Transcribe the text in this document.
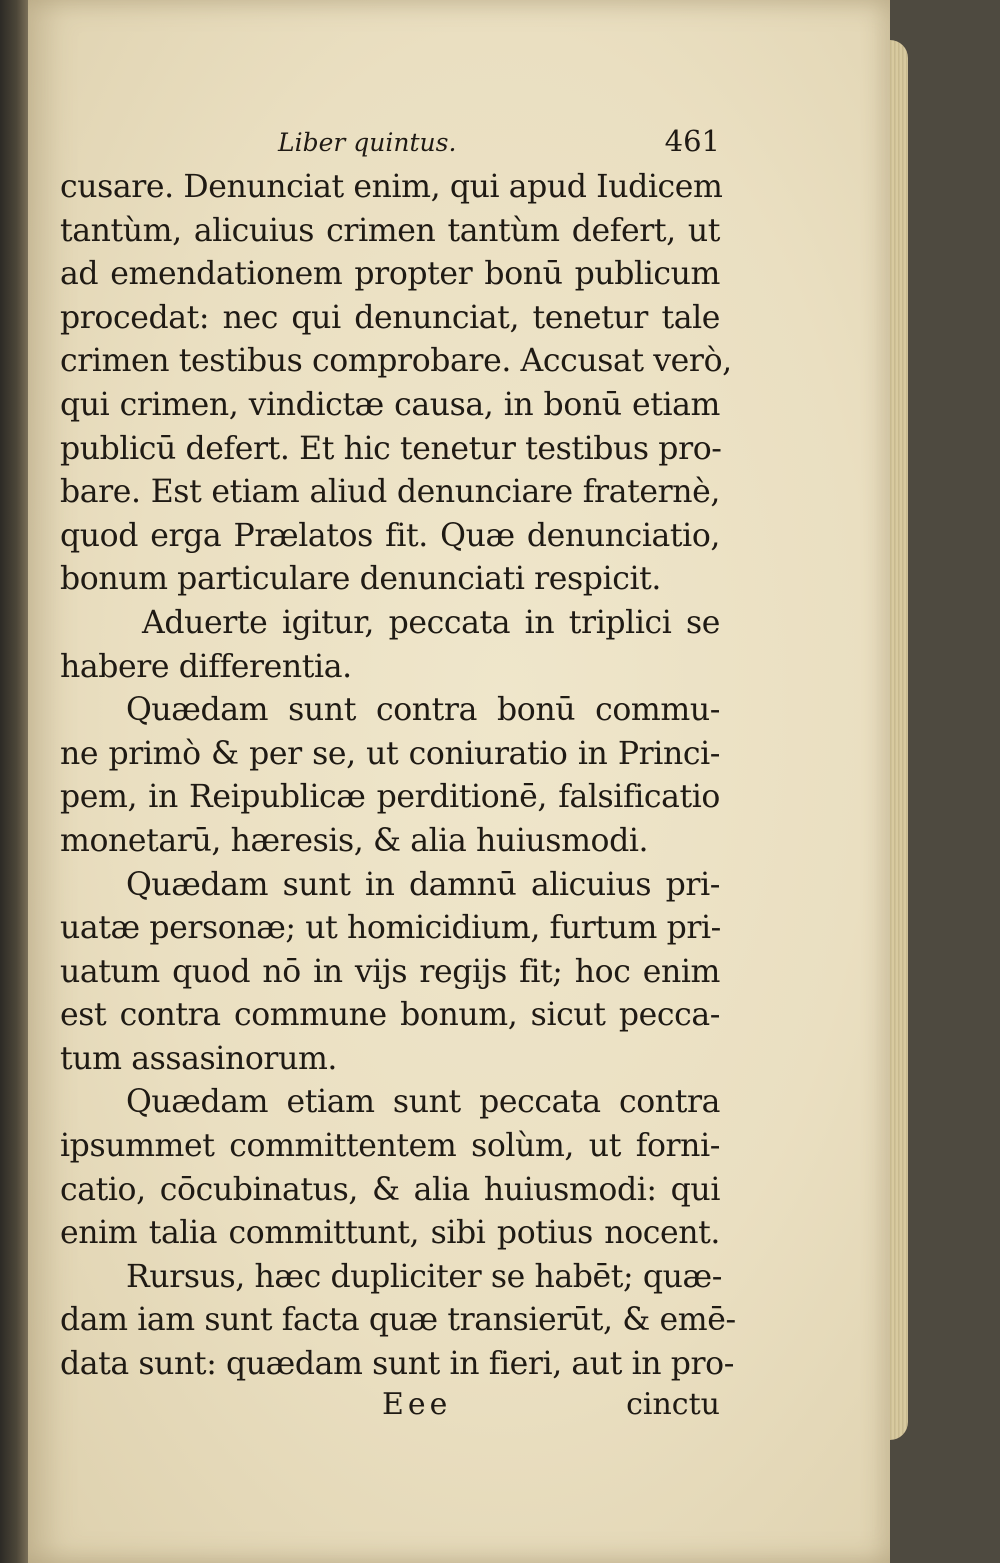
Liber quintus.	461
cusare. Denunciat enim, qui apud Iudicem
tantùm, alicuius crimen tantùm defert, ut
ad emendationem propter bonū publicum
procedat: nec qui denunciat, tenetur tale
crimen testibus comprobare. Accusat verò,
qui crimen, vindictæ causa, in bonū etiam
publicū defert. Et hic tenetur testibus pro-
bare. Est etiam aliud denunciare fraternè,
quod erga Prælatos fit. Quæ denunciatio,
bonum particulare denunciati respicit.
Aduerte igitur, peccata in triplici se
habere differentia.
Quædam sunt contra bonū commu-
ne primò & per se, ut coniuratio in Princi-
pem, in Reipublicæ perditionē, falsificatio
monetarū, hæresis, & alia huiusmodi.
Quædam sunt in damnū alicuius pri-
uatæ personæ; ut homicidium, furtum pri-
uatum quod nō in vijs regijs fit; hoc enim
est contra commune bonum, sicut pecca-
tum assasinorum.
Quædam etiam sunt peccata contra
ipsummet committentem solùm, ut forni-
catio, cōcubinatus, & alia huiusmodi: qui
enim talia committunt, sibi potius nocent.
Rursus, hæc dupliciter se habēt; quæ-
dam iam sunt facta quæ transierūt, & emē-
data sunt: quædam sunt in fieri, aut in pro-
Eee	cinctu
